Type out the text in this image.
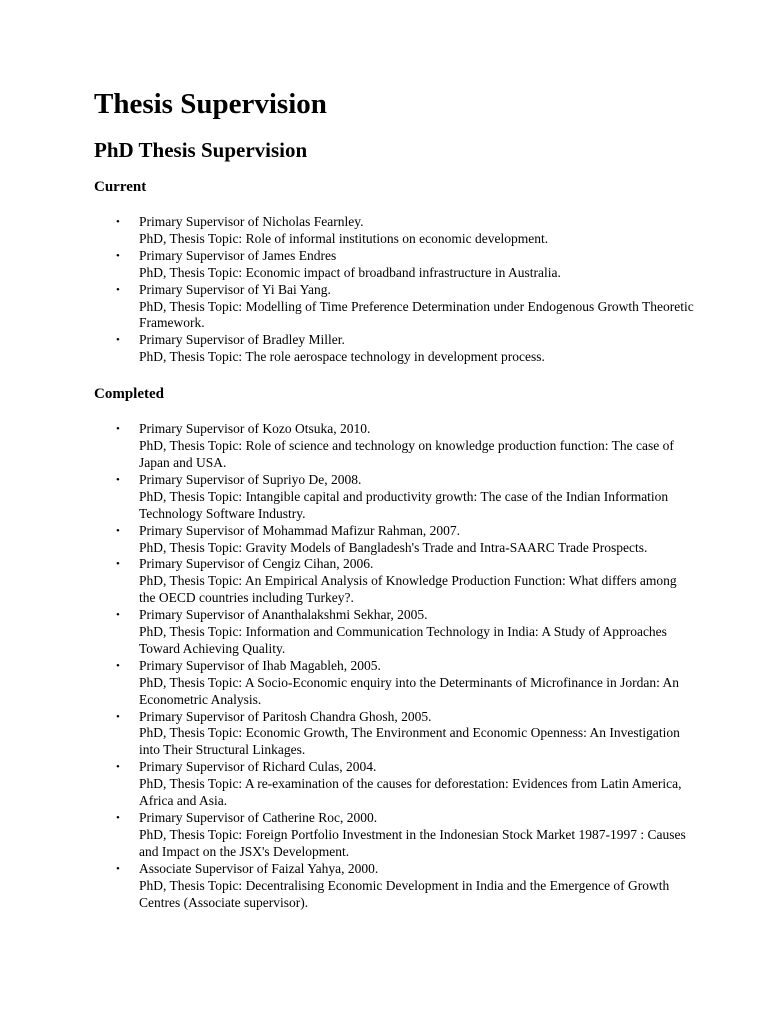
Thesis Supervision
PhD Thesis Supervision
Current
• Primary Supervisor of Nicholas Fearnley.
PhD, Thesis Topic: Role of informal institutions on economic development.
• Primary Supervisor of James Endres
PhD, Thesis Topic: Economic impact of broadband infrastructure in Australia.
• Primary Supervisor of Yi Bai Yang.
PhD, Thesis Topic: Modelling of Time Preference Determination under Endogenous Growth Theoretic Framework.
• Primary Supervisor of Bradley Miller.
PhD, Thesis Topic: The role aerospace technology in development process.
Completed
• Primary Supervisor of Kozo Otsuka, 2010.
PhD, Thesis Topic: Role of science and technology on knowledge production function: The case of Japan and USA.
• Primary Supervisor of Supriyo De, 2008.
PhD, Thesis Topic: Intangible capital and productivity growth: The case of the Indian Information Technology Software Industry.
• Primary Supervisor of Mohammad Mafizur Rahman, 2007.
PhD, Thesis Topic: Gravity Models of Bangladesh's Trade and Intra-SAARC Trade Prospects.
• Primary Supervisor of Cengiz Cihan, 2006.
PhD, Thesis Topic: An Empirical Analysis of Knowledge Production Function: What differs among the OECD countries including Turkey?.
• Primary Supervisor of Ananthalakshmi Sekhar, 2005.
PhD, Thesis Topic: Information and Communication Technology in India: A Study of Approaches Toward Achieving Quality.
• Primary Supervisor of Ihab Magableh, 2005.
PhD, Thesis Topic: A Socio-Economic enquiry into the Determinants of Microfinance in Jordan: An Econometric Analysis.
• Primary Supervisor of Paritosh Chandra Ghosh, 2005.
PhD, Thesis Topic: Economic Growth, The Environment and Economic Openness: An Investigation into Their Structural Linkages.
• Primary Supervisor of Richard Culas, 2004.
PhD, Thesis Topic: A re-examination of the causes for deforestation: Evidences from Latin America, Africa and Asia.
• Primary Supervisor of Catherine Roc, 2000.
PhD, Thesis Topic: Foreign Portfolio Investment in the Indonesian Stock Market 1987-1997 : Causes and Impact on the JSX's Development.
• Associate Supervisor of Faizal Yahya, 2000.
PhD, Thesis Topic: Decentralising Economic Development in India and the Emergence of Growth Centres (Associate supervisor).
